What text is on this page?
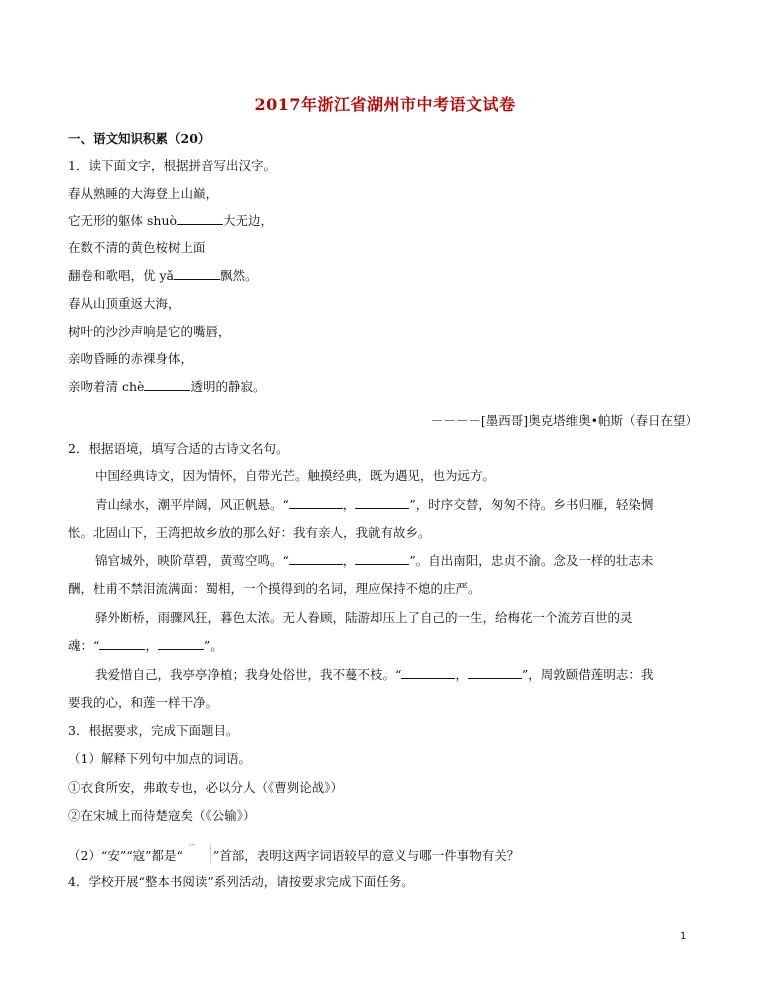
2017年浙江省湖州市中考语文试卷
一、语文知识积累（20）
1．读下面文字，根据拼音写出汉字。
春从熟睡的大海登上山巅，
它无形的躯体 shuò	大无边，
在数不清的黄色桉树上面
翻卷和歌唱，优 yǎ	飘然。
春从山顶重返大海，
树叶的沙沙声响是它的嘴唇，
亲吻昏睡的赤裸身体，
亲吻着清 chè	透明的静寂。
－－－－[墨西哥]奥克塔维奥•帕斯（春日在望）
2．根据语境，填写合适的古诗文名句。
中国经典诗文，因为情怀，自带光芒。触摸经典，既为遇见，也为远方。
青山绿水，潮平岸阔，风正帆悬。“	，	”，时序交替，匆匆不待。乡书归雁，轻染惆
怅。北固山下，王湾把故乡放的那么好：我有亲人，我就有故乡。
锦官城外，映阶草碧，黄莺空鸣。“	，	”。自出南阳，忠贞不渝。念及一样的壮志未
酬，杜甫不禁泪流满面：蜀相，一个摸得到的名词，理应保持不熄的庄严。
驿外断桥，雨骤风狂，暮色太浓。无人眷顾，陆游却压上了自己的一生，给梅花一个流芳百世的灵
魂：“	，	”。
我爱惜自己，我亭亭净植；我身处俗世，我不蔓不枝。“	，	”，周敦颐借莲明志：我
要我的心，和莲一样干净。
3．根据要求，完成下面题目。
（1）解释下列句中加点的词语。
①衣食所安，弗敢专也，必以分人（《曹刿论战》）
②在宋城上而待楚寇矣（《公输》）
（2）“安”“寇”都是“
宀
”首部，表明这两字词语较早的意义与哪一件事物有关？
4．学校开展“整本书阅读”系列活动，请按要求完成下面任务。
1
